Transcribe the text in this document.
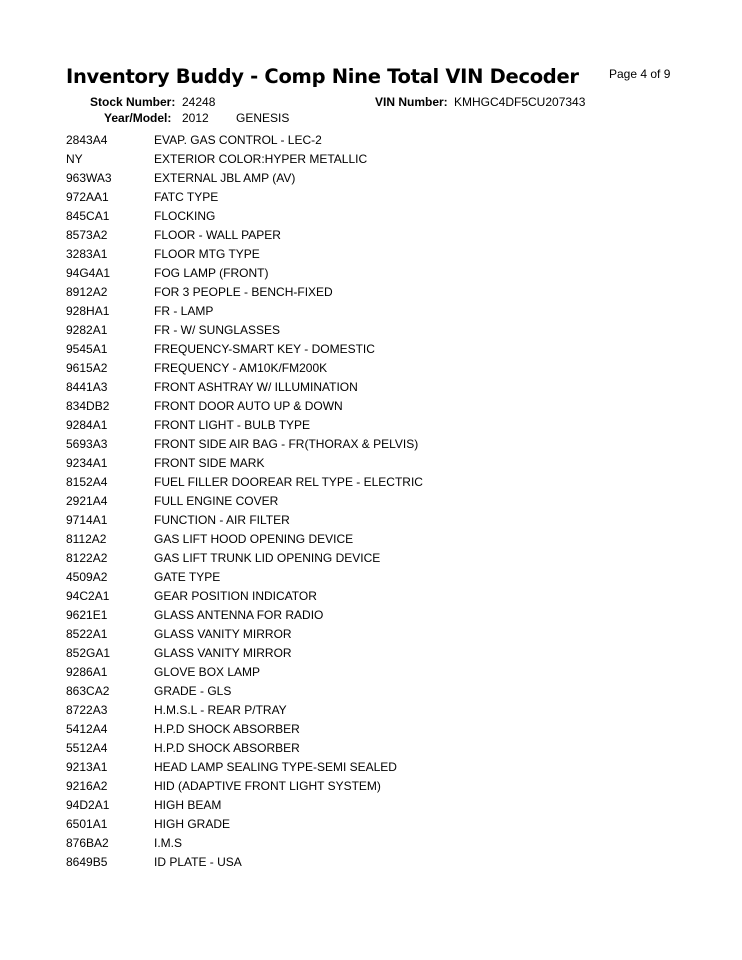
Inventory Buddy - Comp Nine Total VIN Decoder	Page 4 of 9
Stock Number: 24248	VIN Number: KMHGC4DF5CU207343
Year/Model: 2012 GENESIS
2843A4	EVAP. GAS CONTROL - LEC-2
NY	EXTERIOR COLOR:HYPER METALLIC
963WA3	EXTERNAL JBL AMP (AV)
972AA1	FATC TYPE
845CA1	FLOCKING
8573A2	FLOOR - WALL PAPER
3283A1	FLOOR MTG TYPE
94G4A1	FOG LAMP (FRONT)
8912A2	FOR 3 PEOPLE - BENCH-FIXED
928HA1	FR - LAMP
9282A1	FR - W/ SUNGLASSES
9545A1	FREQUENCY-SMART KEY - DOMESTIC
9615A2	FREQUENCY - AM10K/FM200K
8441A3	FRONT ASHTRAY W/ ILLUMINATION
834DB2	FRONT DOOR AUTO UP & DOWN
9284A1	FRONT LIGHT - BULB TYPE
5693A3	FRONT SIDE AIR BAG - FR(THORAX & PELVIS)
9234A1	FRONT SIDE MARK
8152A4	FUEL FILLER DOOREAR REL TYPE - ELECTRIC
2921A4	FULL ENGINE COVER
9714A1	FUNCTION - AIR FILTER
8112A2	GAS LIFT HOOD OPENING DEVICE
8122A2	GAS LIFT TRUNK LID OPENING DEVICE
4509A2	GATE TYPE
94C2A1	GEAR POSITION INDICATOR
9621E1	GLASS ANTENNA FOR RADIO
8522A1	GLASS VANITY MIRROR
852GA1	GLASS VANITY MIRROR
9286A1	GLOVE BOX LAMP
863CA2	GRADE - GLS
8722A3	H.M.S.L - REAR P/TRAY
5412A4	H.P.D SHOCK ABSORBER
5512A4	H.P.D SHOCK ABSORBER
9213A1	HEAD LAMP SEALING TYPE-SEMI SEALED
9216A2	HID (ADAPTIVE FRONT LIGHT SYSTEM)
94D2A1	HIGH BEAM
6501A1	HIGH GRADE
876BA2	I.M.S
8649B5	ID PLATE - USA
